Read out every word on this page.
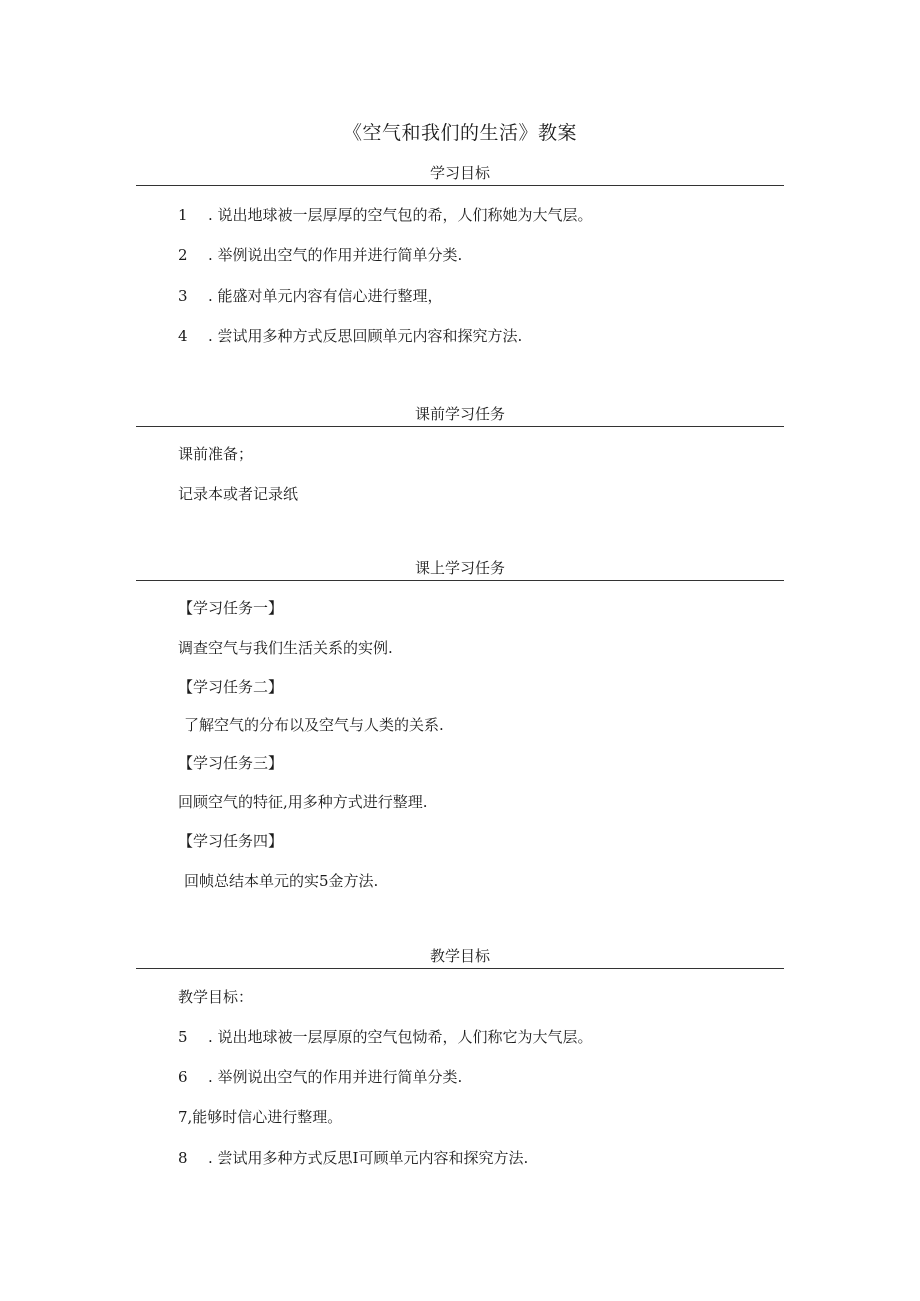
《空气和我们的生活》教案
学习目标
1 . 说出地球被一层厚厚的空气包的希，人们称她为大气层。
2 . 举例说出空气的作用并进行简单分类.
3 . 能盛对单元内容有信心进行整理，
4 . 尝试用多种方式反思回顾单元内容和探究方法.
课前学习任务
课前准备；
记录本或者记录纸
课上学习任务
【学习任务一】
调查空气与我们生活关系的实例.
【学习任务二】
了解空气的分布以及空气与人类的关系.
【学习任务三】
回顾空气的特征,用多种方式进行整理.
【学习任务四】
回帧总结本单元的实5金方法.
教学目标
教学目标：
5 . 说出地球被一层厚原的空气包恸希，人们称它为大气层。
6 . 举例说出空气的作用并进行简单分类.
7,能够时信心进行整理。
8 . 尝试用多种方式反思I可顾单元内容和探究方法.
